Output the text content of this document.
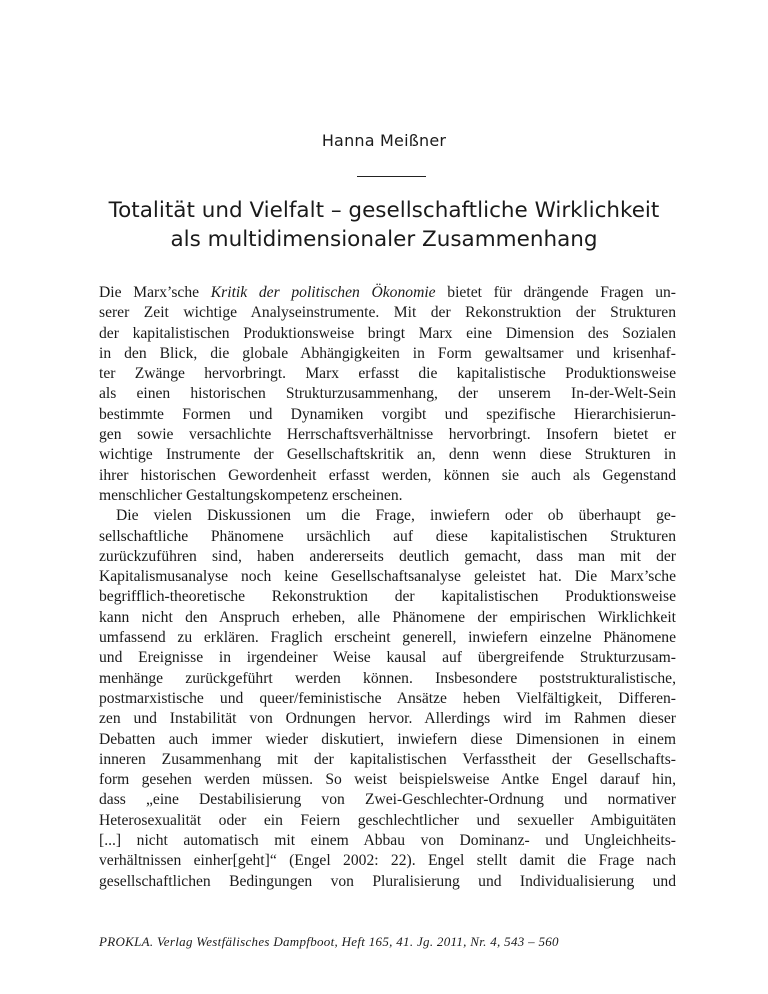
Hanna Meißner
Totalität und Vielfalt – gesellschaftliche Wirklichkeit
als multidimensionaler Zusammenhang
Die Marx’sche Kritik der politischen Ökonomie bietet für drängende Fragen un-
serer Zeit wichtige Analyseinstrumente. Mit der Rekonstruktion der Strukturen
der kapitalistischen Produktionsweise bringt Marx eine Dimension des Sozialen
in den Blick, die globale Abhängigkeiten in Form gewaltsamer und krisenhaf-
ter Zwänge hervorbringt. Marx erfasst die kapitalistische Produktionsweise
als einen historischen Strukturzusammenhang, der unserem In-der-Welt-Sein
bestimmte Formen und Dynamiken vorgibt und spezifische Hierarchisierun-
gen sowie versachlichte Herrschaftsverhältnisse hervorbringt. Insofern bietet er
wichtige Instrumente der Gesellschaftskritik an, denn wenn diese Strukturen in
ihrer historischen Gewordenheit erfasst werden, können sie auch als Gegenstand
menschlicher Gestaltungskompetenz erscheinen.
Die vielen Diskussionen um die Frage, inwiefern oder ob überhaupt ge-
sellschaftliche Phänomene ursächlich auf diese kapitalistischen Strukturen
zurückzuführen sind, haben andererseits deutlich gemacht, dass man mit der
Kapitalismusanalyse noch keine Gesellschaftsanalyse geleistet hat. Die Marx’sche
begrifflich-theoretische Rekonstruktion der kapitalistischen Produktionsweise
kann nicht den Anspruch erheben, alle Phänomene der empirischen Wirklichkeit
umfassend zu erklären. Fraglich erscheint generell, inwiefern einzelne Phänomene
und Ereignisse in irgendeiner Weise kausal auf übergreifende Strukturzusam-
menhänge zurückgeführt werden können. Insbesondere poststrukturalistische,
postmarxistische und queer/feministische Ansätze heben Vielfältigkeit, Differen-
zen und Instabilität von Ordnungen hervor. Allerdings wird im Rahmen dieser
Debatten auch immer wieder diskutiert, inwiefern diese Dimensionen in einem
inneren Zusammenhang mit der kapitalistischen Verfasstheit der Gesellschafts-
form gesehen werden müssen. So weist beispielsweise Antke Engel darauf hin,
dass „eine Destabilisierung von Zwei-Geschlechter-Ordnung und normativer
Heterosexualität oder ein Feiern geschlechtlicher und sexueller Ambiguitäten
[...] nicht automatisch mit einem Abbau von Dominanz- und Ungleichheits-
verhältnissen einher[geht]“ (Engel 2002: 22). Engel stellt damit die Frage nach
gesellschaftlichen Bedingungen von Pluralisierung und Individualisierung und
PROKLA. Verlag Westfälisches Dampfboot, Heft 165, 41. Jg. 2011, Nr. 4, 543 – 560
